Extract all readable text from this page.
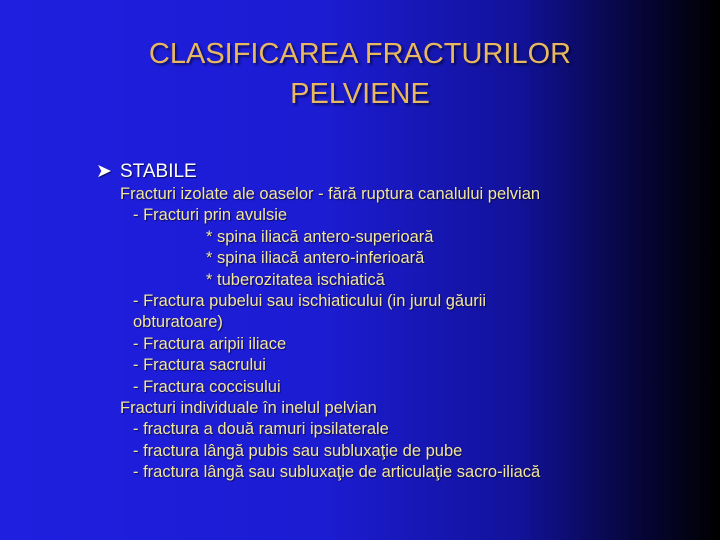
CLASIFICAREA FRACTURILOR
PELVIENE
➤ STABILE
Fracturi izolate ale oaselor - fără ruptura canalului pelvian
- Fracturi prin avulsie
* spina iliacă antero-superioară
* spina iliacă antero-inferioară
* tuberozitatea ischiatică
- Fractura pubelui sau ischiaticului (in jurul găurii
obturatoare)
- Fractura aripii iliace
- Fractura sacrului
- Fractura coccisului
Fracturi individuale în inelul pelvian
- fractura a două ramuri ipsilaterale
- fractura lângă pubis sau subluxaţie de pube
- fractura lângă sau subluxaţie de articulaţie sacro-iliacă
